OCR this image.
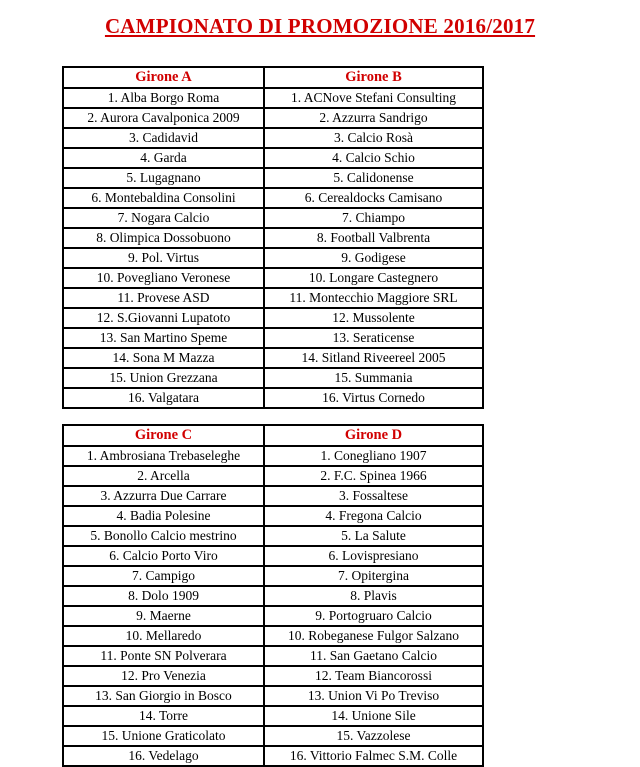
CAMPIONATO DI PROMOZIONE 2016/2017
Girone A	Girone B
1. Alba Borgo Roma	1. ACNove Stefani Consulting
2. Aurora Cavalponica 2009	2. Azzurra Sandrigo
3. Cadidavid	3. Calcio Rosà
4. Garda	4. Calcio Schio
5. Lugagnano	5. Calidonense
6. Montebaldina Consolini	6. Cerealdocks Camisano
7. Nogara Calcio	7. Chiampo
8. Olimpica Dossobuono	8. Football Valbrenta
9. Pol. Virtus	9. Godigese
10. Povegliano Veronese	10. Longare Castegnero
11. Provese ASD	11. Montecchio Maggiore SRL
12. S.Giovanni Lupatoto	12. Mussolente
13. San Martino Speme	13. Seraticense
14. Sona M Mazza	14. Sitland Riveereel 2005
15. Union Grezzana	15. Summania
16. Valgatara	16. Virtus Cornedo
Girone C	Girone D
1. Ambrosiana Trebaseleghe	1. Conegliano 1907
2. Arcella	2. F.C. Spinea 1966
3. Azzurra Due Carrare	3. Fossaltese
4. Badia Polesine	4. Fregona Calcio
5. Bonollo Calcio mestrino	5. La Salute
6. Calcio Porto Viro	6. Lovispresiano
7. Campigo	7. Opitergina
8. Dolo 1909	8. Plavis
9. Maerne	9. Portogruaro Calcio
10. Mellaredo	10. Robeganese Fulgor Salzano
11. Ponte SN Polverara	11. San Gaetano Calcio
12. Pro Venezia	12. Team Biancorossi
13. San Giorgio in Bosco	13. Union Vi Po Treviso
14. Torre	14. Unione Sile
15. Unione Graticolato	15. Vazzolese
16. Vedelago	16. Vittorio Falmec S.M. Colle
